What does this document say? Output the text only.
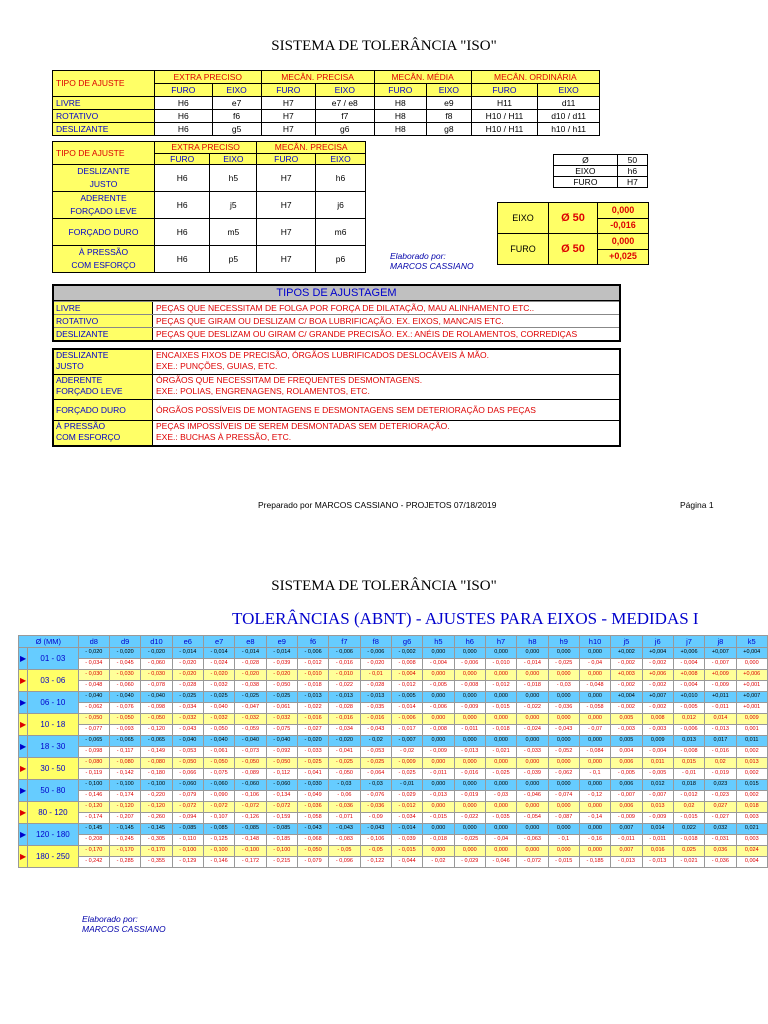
SISTEMA DE TOLERÂNCIA "ISO"
TIPO DE AJUSTE	EXTRA PRECISO		MECÂN. PRECISA		MECÂN. MÉDIA		MECÂN. ORDINÁRIA	
	FURO	EIXO	FURO	EIXO	FURO	EIXO	FURO	EIXO
LIVRE	H6	e7	H7	e7 / e8	H8	e9	H11	d11
ROTATIVO	H6	f6	H7	f7	H8	f8	H10 / H11	d10 / d11
DESLIZANTE	H6	g5	H7	g6	H8	g8	H10 / H11	h10 / h11
TIPO DE AJUSTE	EXTRA PRECISO		MECÂN. PRECISA	
	FURO	EIXO	FURO	EIXO

DESLIZANTE
JUSTO	H6	h5	H7	h6

ADERENTE
FORÇADO LEVE	H6	j5	H7	j6

FORÇADO DURO	H6	m5	H7	m6

À PRESSÃO
COM ESFORÇO	H6	p5	H7	p6
Ø	50
EIXO	h6
FURO	H7
EIXO	Ø 50	0,000
		-0,016
FURO	Ø 50	0,000
		+0,025
Elaborado por:
MARCOS CASSIANO
TIPOS DE AJUSTAGEM
LIVRE	PEÇAS QUE NECESSITAM DE FOLGA POR FORÇA DE DILATAÇÃO, MAU ALINHAMENTO ETC..
ROTATIVO	PEÇAS QUE GIRAM OU DESLIZAM C/ BOA LUBRIFICAÇÃO. EX. EIXOS, MANCAIS ETC.
DESLIZANTE	PEÇAS QUE DESLIZAM OU GIRAM C/ GRANDE PRECISÃO. EX.: ANÉIS DE ROLAMENTOS, CORREDIÇAS
DESLIZANTE
JUSTO
ENCAIXES FIXOS DE PRECISÃO, ÓRGÃOS LUBRIFICADOS DESLOCÁVEIS À MÃO.
EXE.: PUNÇÕES, GUIAS, ETC.
ADERENTE
FORÇADO LEVE
ÓRGÃOS QUE NECESSITAM DE FREQUENTES DESMONTAGENS.
EXE.: POLIAS, ENGRENAGENS, ROLAMENTOS, ETC.
FORÇADO DURO	ÓRGÃOS POSSÍVEIS DE MONTAGENS E DESMONTAGENS SEM DETERIORAÇÃO DAS PEÇAS
À PRESSÃO
COM ESFORÇO
PEÇAS IMPOSSÍVEIS DE SEREM DESMONTADAS SEM DETERIORAÇÃO.
EXE.: BUCHAS À PRESSÃO, ETC.
Preparado por MARCOS CASSIANO - PROJETOS 07/18/2019	Página 1
SISTEMA DE TOLERÂNCIA "ISO"
TOLERÂNCIAS (ABNT) - AJUSTES PARA EIXOS - MEDIDAS I
Ø (MM)		d8	d9	d10	e6	e7	e8	e9	f6	f7	f8	g6	h5	h6	h7	h8	h9	h10	j5	j6	j7	j8	k5
▶	01 - 03	- 0,020	- 0,020	- 0,020	- 0,014	- 0,014	- 0,014	- 0,014	- 0,006	- 0,006	- 0,006	- 0,002	0,000	0,000	0,000	0,000	0,000	0,000	+0,002	+0,004	+0,006	+0,007	+0,004
		- 0,034	- 0,045	- 0,060	- 0,020	- 0,024	- 0,028	- 0,039	- 0,012	- 0,016	- 0,020	- 0,008	- 0,004	- 0,006	- 0,010	- 0,014	- 0,025	- 0,04	- 0,002	- 0,002	- 0,004	- 0,007	0,000
▶	03 - 06	- 0,030	- 0,030	- 0,030	- 0,020	- 0,020	- 0,020	- 0,020	- 0,010	- 0,010	- 0,01	- 0,004	0,000	0,000	0,000	0,000	0,000	0,000	+0,003	+0,006	+0,008	+0,009	+0,006
		- 0,048	- 0,060	- 0,078	- 0,028	- 0,032	- 0,038	- 0,050	- 0,018	- 0,022	- 0,028	- 0,012	- 0,005	- 0,008	- 0,012	- 0,018	- 0,03	- 0,048	- 0,002	- 0,002	- 0,004	- 0,009	+0,001
▶	06 - 10	- 0,040	- 0,040	- 0,040	- 0,025	- 0,025	- 0,025	- 0,025	- 0,013	- 0,013	- 0,013	- 0,005	0,000	0,000	0,000	0,000	0,000	0,000	+0,004	+0,007	+0,010	+0,011	+0,007
		- 0,062	- 0,076	- 0,098	- 0,034	- 0,040	- 0,047	- 0,061	- 0,022	- 0,028	- 0,035	- 0,014	- 0,006	- 0,009	- 0,015	- 0,022	- 0,036	- 0,058	- 0,002	- 0,002	- 0,005	- 0,011	+0,001
▶	10 - 18	- 0,050	- 0,050	- 0,050	- 0,032	- 0,032	- 0,032	- 0,032	- 0,016	- 0,016	- 0,016	- 0,006	0,000	0,000	0,000	0,000	0,000	0,000	0,005	0,008	0,012	0,014	0,009
		- 0,077	- 0,093	- 0,120	- 0,043	- 0,050	- 0,059	- 0,075	- 0,027	- 0,034	- 0,043	- 0,017	- 0,008	- 0,011	- 0,018	- 0,024	- 0,043	- 0,07	- 0,003	- 0,003	- 0,006	- 0,013	0,001
▶	18 - 30	- 0,065	- 0,065	- 0,065	- 0,040	- 0,040	- 0,040	- 0,040	- 0,020	- 0,020	- 0,02	- 0,007	0,000	0,000	0,000	0,000	0,000	0,000	0,005	0,009	0,013	0,017	0,011
		- 0,098	- 0,117	- 0,149	- 0,053	- 0,061	- 0,073	- 0,092	- 0,033	- 0,041	- 0,053	- 0,02	- 0,009	- 0,013	- 0,021	- 0,033	- 0,052	- 0,084	0,004	- 0,004	- 0,008	- 0,016	0,002
▶	30 - 50	- 0,080	- 0,080	- 0,080	- 0,050	- 0,050	- 0,050	- 0,050	- 0,025	- 0,025	- 0,025	- 0,009	0,000	0,000	0,000	0,000	0,000	0,000	0,006	0,011	0,015	0,02	0,013
		- 0,119	- 0,142	- 0,180	- 0,066	- 0,075	- 0,089	- 0,112	- 0,041	- 0,050	- 0,064	- 0,025	- 0,011	- 0,016	- 0,025	- 0,039	- 0,062	- 0,1	- 0,005	- 0,005	- 0,01	- 0,019	0,002
▶	50 - 80	- 0,100	- 0,100	- 0,100	- 0,060	- 0,060	- 0,060	- 0,060	- 0,030	- 0,03	- 0,03	- 0,01	0,000	0,000	0,000	0,000	0,000	0,000	0,006	0,012	0,018	0,023	0,015
		- 0,146	- 0,174	- 0,220	- 0,079	- 0,090	- 0,106	- 0,134	- 0,049	- 0,06	- 0,076	- 0,029	- 0,013	- 0,019	- 0,03	- 0,046	- 0,074	- 0,12	- 0,007	- 0,007	- 0,012	- 0,023	0,002
▶	80 - 120	- 0,120	- 0,120	- 0,120	- 0,072	- 0,072	- 0,072	- 0,072	- 0,036	- 0,036	- 0,036	- 0,012	0,000	0,000	0,000	0,000	0,000	0,000	0,006	0,013	0,02	0,027	0,018
		- 0,174	- 0,207	- 0,260	- 0,094	- 0,107	- 0,126	- 0,159	- 0,058	- 0,071	- 0,09	- 0,034	- 0,015	- 0,022	- 0,035	- 0,054	- 0,087	- 0,14	- 0,009	- 0,009	- 0,015	- 0,027	0,003
▶	120 - 180	- 0,145	- 0,145	- 0,145	- 0,085	- 0,085	- 0,085	- 0,085	- 0,043	- 0,043	- 0,043	- 0,014	0,000	0,000	0,000	0,000	0,000	0,000	0,007	0,014	0,022	0,032	0,021
		- 0,208	- 0,245	- 0,305	- 0,110	- 0,125	- 0,148	- 0,185	- 0,068	- 0,083	- 0,106	- 0,039	- 0,018	- 0,025	- 0,04	- 0,063	- 0,1	- 0,16	- 0,011	- 0,011	- 0,018	- 0,031	0,003
▶	180 - 250	- 0,170	- 0,170	- 0,170	- 0,100	- 0,100	- 0,100	- 0,100	- 0,050	- 0,05	- 0,05	- 0,015	0,000	0,000	0,000	0,000	0,000	0,000	0,007	0,016	0,025	0,036	0,024
		- 0,242	- 0,285	- 0,355	- 0,129	- 0,146	- 0,172	- 0,215	- 0,079	- 0,096	- 0,122	- 0,044	- 0,02	- 0,029	- 0,046	- 0,072	- 0,015	- 0,185	- 0,013	- 0,013	- 0,021	- 0,036	0,004
Elaborado por:
MARCOS CASSIANO
